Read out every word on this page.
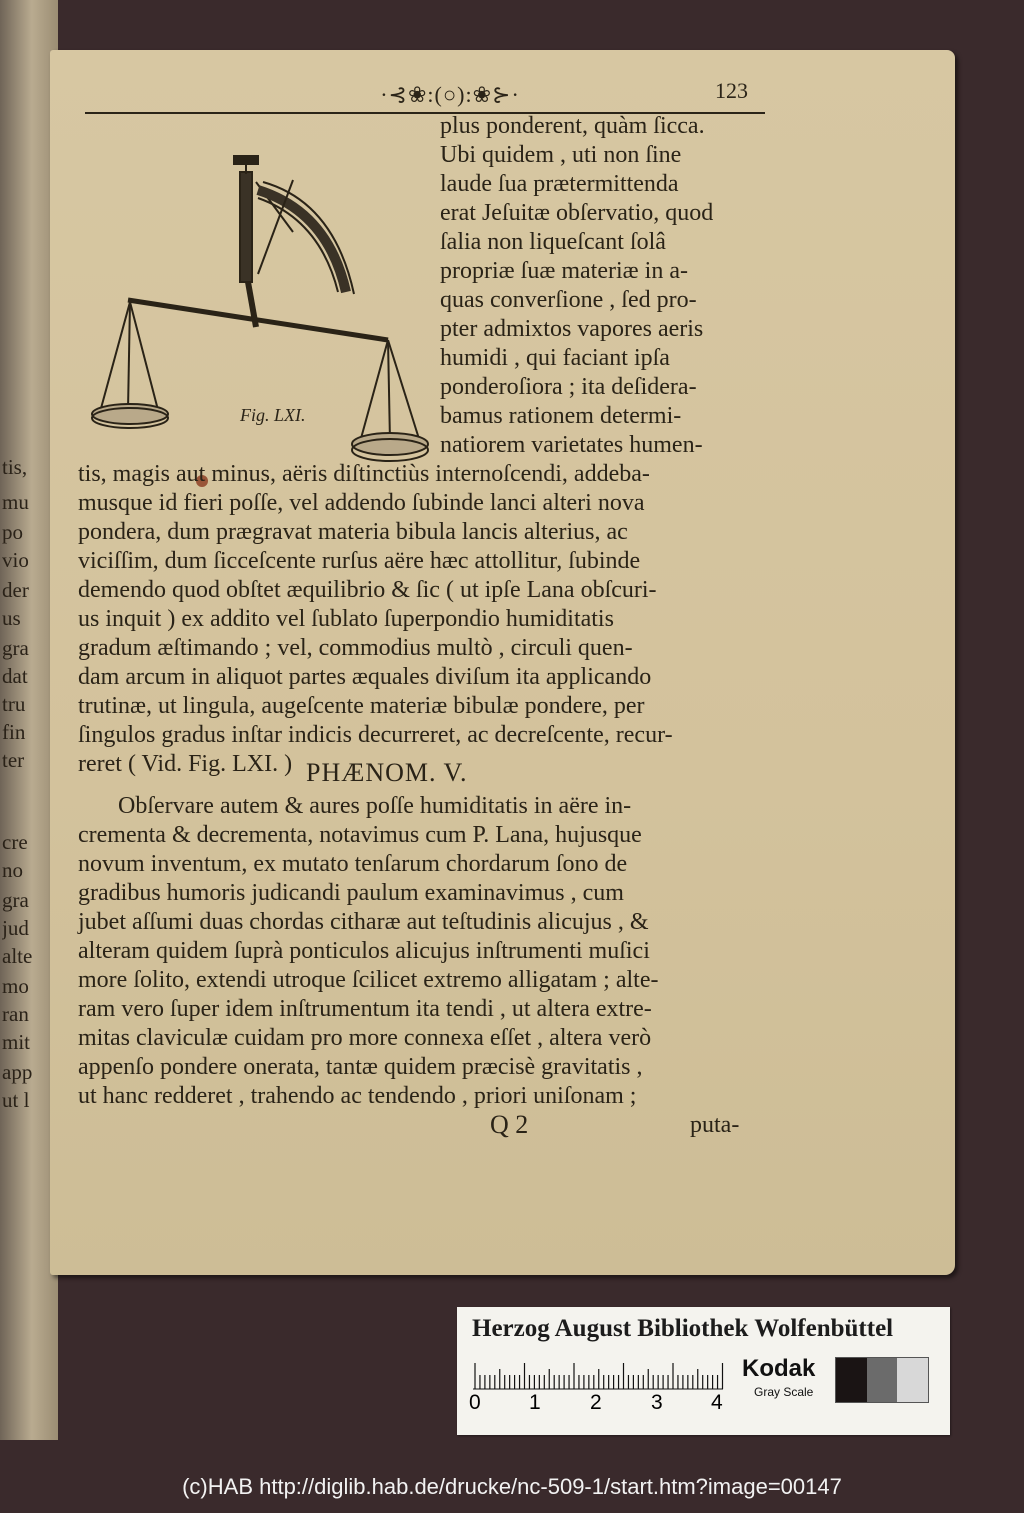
tis,
mu
po
vio
der
us
gra
dat
tru
fin
ter
cre
no
gra
jud
alte
mo
ran
mit
app
ut l
·⊰❀:(○):❀⊱·	123
Fig. LXI.
plus ponderent, quàm ſicca.
Ubi quidem , uti non ſine
laude ſua prætermittenda
erat Jeſuitæ obſervatio, quod
ſalia non liqueſcant ſolâ
propriæ ſuæ materiæ in a-
quas converſione , ſed pro-
pter admixtos vapores aeris
humidi , qui faciant ipſa
ponderoſiora ; ita deſidera-
bamus rationem determi-
natiorem varietates humen-
tis, magis aut minus, aëris diſtinctiùs internoſcendi, addeba-
musque id fieri poſſe, vel addendo ſubinde lanci alteri nova
pondera, dum prægravat materia bibula lancis alterius, ac
viciſſim, dum ſicceſcente rurſus aëre hæc attollitur, ſubinde
demendo quod obſtet æquilibrio & ſic ( ut ipſe Lana obſcuri-
us inquit ) ex addito vel ſublato ſuperpondio humiditatis
gradum æſtimando ; vel, commodius multò , circuli quen-
dam arcum in aliquot partes æquales diviſum ita applicando
trutinæ, ut lingula, augeſcente materiæ bibulæ pondere, per
ſingulos gradus inſtar indicis decurreret, ac decreſcente, recur-
reret ( Vid. Fig. LXI. ) PHÆNOM. V.
Obſervare autem & aures poſſe humiditatis in aëre in-
crementa & decrementa, notavimus cum P. Lana, hujusque
novum inventum, ex mutato tenſarum chordarum ſono de
gradibus humoris judicandi paulum examinavimus , cum
jubet aſſumi duas chordas citharæ aut teſtudinis alicujus , &
alteram quidem ſuprà ponticulos alicujus inſtrumenti muſici
more ſolito, extendi utroque ſcilicet extremo alligatam ; alte-
ram vero ſuper idem inſtrumentum ita tendi , ut altera extre-
mitas claviculæ cuidam pro more connexa eſſet , altera verò
appenſo pondere onerata, tantæ quidem præcisè gravitatis ,
ut hanc redderet , trahendo ac tendendo , priori uniſonam ;
Q 2	puta-
Herzog August Bibliothek Wolfenbüttel
0 1 2 3 4
Kodak
Gray Scale
(c)HAB http://diglib.hab.de/drucke/nc-509-1/start.htm?image=00147
